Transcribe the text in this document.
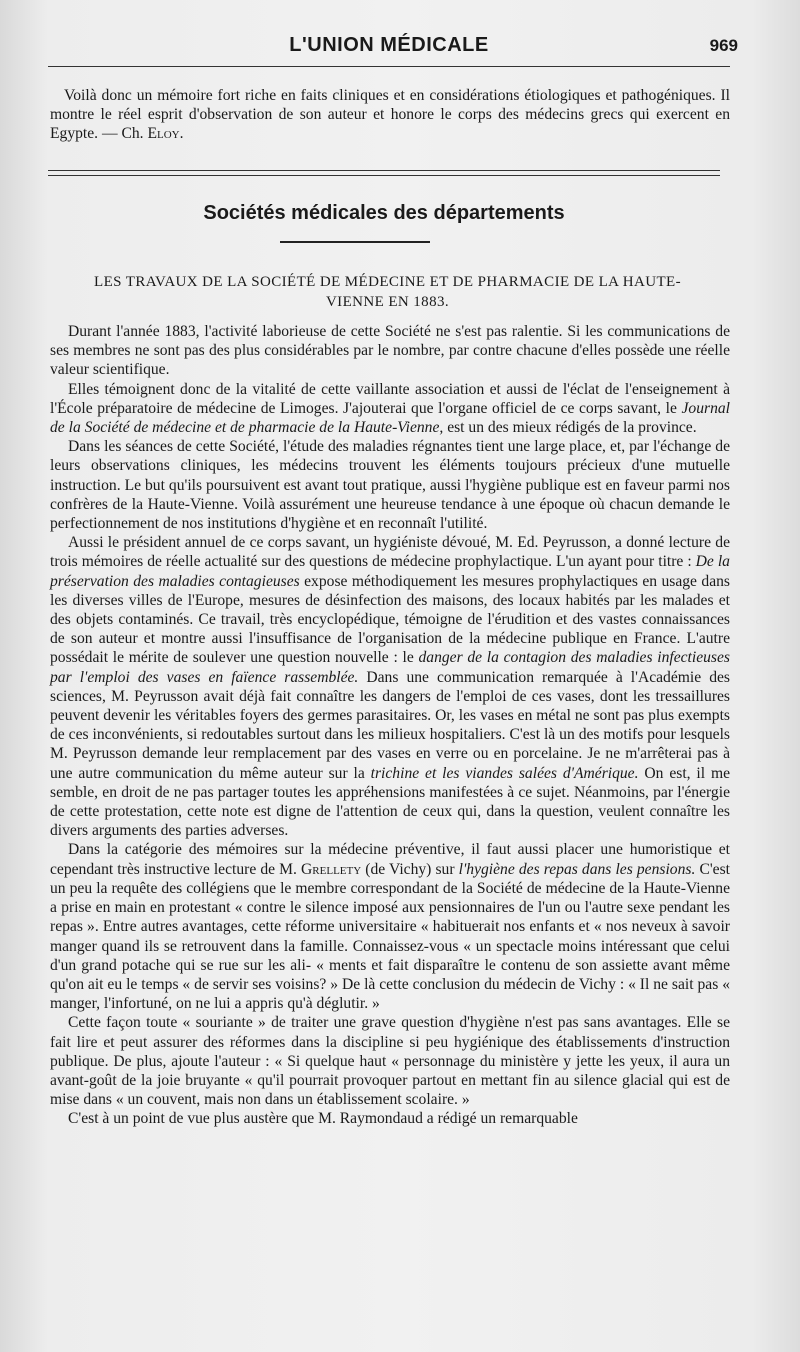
L'UNION MÉDICALE	969

Voilà donc un mémoire fort riche en faits cliniques et en considérations étiologiques et pathogéniques. Il montre le réel esprit d'observation de son auteur et honore le corps des médecins grecs qui exercent en Egypte. — Ch. Eloy.

Sociétés médicales des départements
LES TRAVAUX DE LA SOCIÉTÉ DE MÉDECINE ET DE PHARMACIE DE LA HAUTE-VIENNE EN 1883.

Durant l'année 1883, l'activité laborieuse de cette Société ne s'est pas ralentie. Si les communications de ses membres ne sont pas des plus considérables par le nombre, par contre chacune d'elles possède une réelle valeur scientifique.

Elles témoignent donc de la vitalité de cette vaillante association et aussi de l'éclat de l'enseignement à l'École préparatoire de médecine de Limoges. J'ajouterai que l'organe officiel de ce corps savant, le Journal de la Société de médecine et de pharmacie de la Haute-Vienne, est un des mieux rédigés de la province.

Dans les séances de cette Société, l'étude des maladies régnantes tient une large place, et, par l'échange de leurs observations cliniques, les médecins trouvent les éléments toujours précieux d'une mutuelle instruction. Le but qu'ils poursuivent est avant tout pratique, aussi l'hygiène publique est en faveur parmi nos confrères de la Haute-Vienne. Voilà assurément une heureuse tendance à une époque où chacun demande le perfectionnement de nos institutions d'hygiène et en reconnaît l'utilité.

Aussi le président annuel de ce corps savant, un hygiéniste dévoué, M. Ed. Peyrusson, a donné lecture de trois mémoires de réelle actualité sur des questions de médecine prophylactique. L'un ayant pour titre : De la préservation des maladies contagieuses expose méthodiquement les mesures prophylactiques en usage dans les diverses villes de l'Europe, mesures de désinfection des maisons, des locaux habités par les malades et des objets contaminés. Ce travail, très encyclopédique, témoigne de l'érudition et des vastes connaissances de son auteur et montre aussi l'insuffisance de l'organisation de la médecine publique en France. L'autre possédait le mérite de soulever une question nouvelle : le danger de la contagion des maladies infectieuses par l'emploi des vases en faïence rassemblée. Dans une communication remarquée à l'Académie des sciences, M. Peyrusson avait déjà fait connaître les dangers de l'emploi de ces vases, dont les tressaillures peuvent devenir les véritables foyers des germes parasitaires. Or, les vases en métal ne sont pas plus exempts de ces inconvénients, si redoutables surtout dans les milieux hospitaliers. C'est là un des motifs pour lesquels M. Peyrusson demande leur remplacement par des vases en verre ou en porcelaine. Je ne m'arrêterai pas à une autre communication du même auteur sur la trichine et les viandes salées d'Amérique. On est, il me semble, en droit de ne pas partager toutes les appréhensions manifestées à ce sujet. Néanmoins, par l'énergie de cette protestation, cette note est digne de l'attention de ceux qui, dans la question, veulent connaître les divers arguments des parties adverses.

Dans la catégorie des mémoires sur la médecine préventive, il faut aussi placer une humoristique et cependant très instructive lecture de M. Grellety (de Vichy) sur l'hygiène des repas dans les pensions. C'est un peu la requête des collégiens que le membre correspondant de la Société de médecine de la Haute-Vienne a prise en main en protestant « contre le silence imposé aux pensionnaires de l'un ou l'autre sexe pendant les repas ». Entre autres avantages, cette réforme universitaire « habituerait nos enfants et « nos neveux à savoir manger quand ils se retrouvent dans la famille. Connaissez-vous « un spectacle moins intéressant que celui d'un grand potache qui se rue sur les ali- « ments et fait disparaître le contenu de son assiette avant même qu'on ait eu le temps « de servir ses voisins? » De là cette conclusion du médecin de Vichy : « Il ne sait pas « manger, l'infortuné, on ne lui a appris qu'à déglutir. »

Cette façon toute « souriante » de traiter une grave question d'hygiène n'est pas sans avantages. Elle se fait lire et peut assurer des réformes dans la discipline si peu hygiénique des établissements d'instruction publique. De plus, ajoute l'auteur : « Si quelque haut « personnage du ministère y jette les yeux, il aura un avant-goût de la joie bruyante « qu'il pourrait provoquer partout en mettant fin au silence glacial qui est de mise dans « un couvent, mais non dans un établissement scolaire. »

C'est à un point de vue plus austère que M. Raymondaud a rédigé un remarquable
